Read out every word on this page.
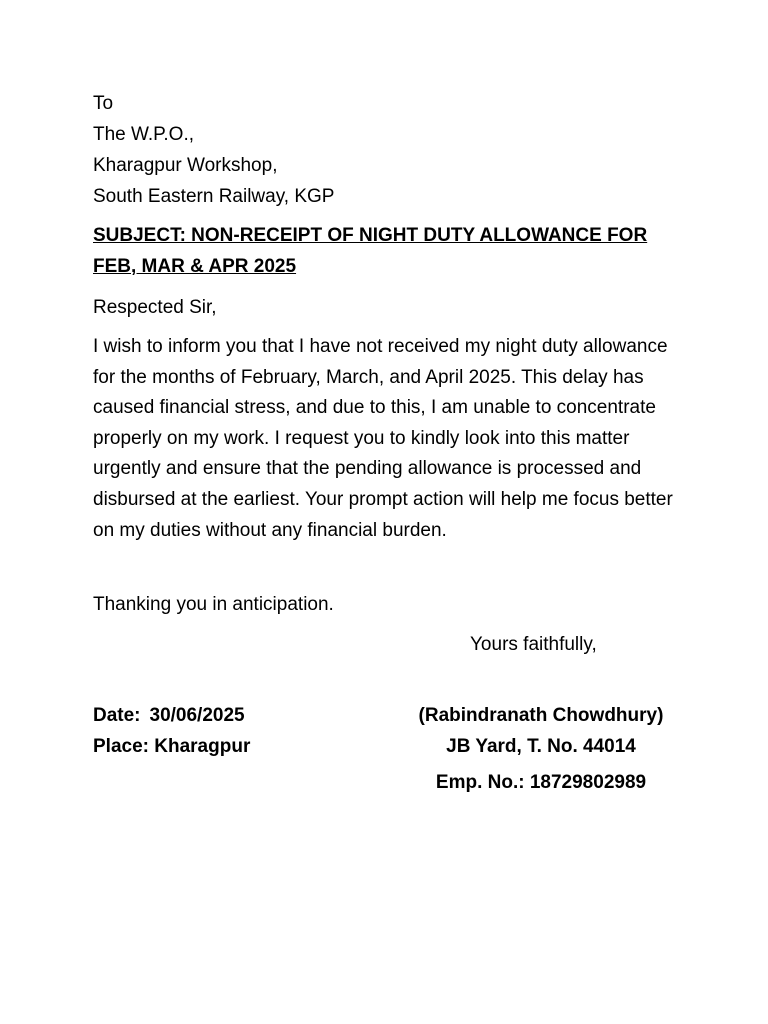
To
The W.P.O.,
Kharagpur Workshop,
South Eastern Railway, KGP
SUBJECT: NON-RECEIPT OF NIGHT DUTY ALLOWANCE FOR FEB, MAR & APR 2025
Respected Sir,
I wish to inform you that I have not received my night duty allowance for the months of February, March, and April 2025. This delay has caused financial stress, and due to this, I am unable to concentrate properly on my work. I request you to kindly look into this matter urgently and ensure that the pending allowance is processed and disbursed at the earliest. Your prompt action will help me focus better on my duties without any financial burden.
Thanking you in anticipation.
Yours faithfully,
Date: 30/06/2025
Place: Kharagpur
(Rabindranath Chowdhury)
JB Yard, T. No. 44014
Emp. No.: 18729802989
